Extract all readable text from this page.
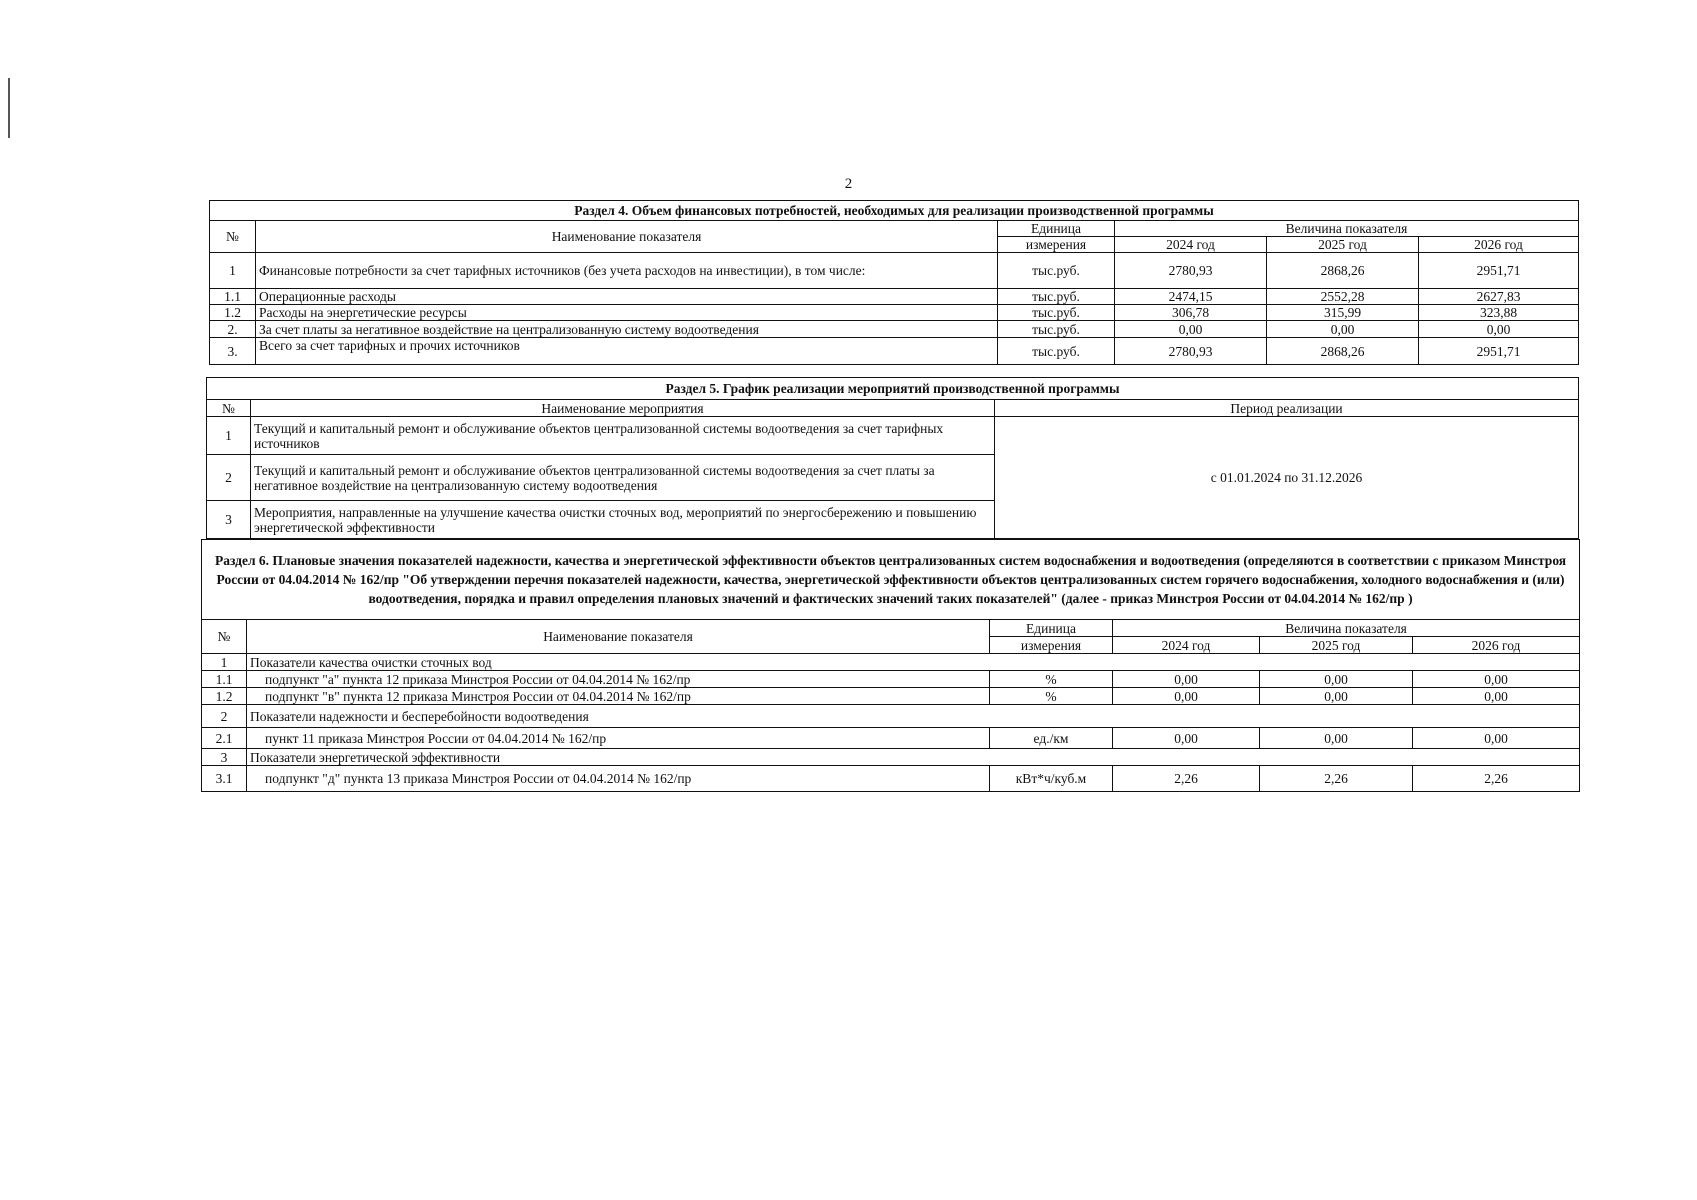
2
Раздел 4. Объем финансовых потребностей, необходимых для реализации производственной программы					
№	Наименование показателя	Единица	Величина показателя		
		измерения	2024 год	2025 год	2026 год
1	Финансовые потребности за счет тарифных источников (без учета расходов на инвестиции), в том числе:	тыс.руб.	2780,93	2868,26	2951,71
1.1	Операционные расходы	тыс.руб.	2474,15	2552,28	2627,83
1.2	Расходы на энергетические ресурсы	тыс.руб.	306,78	315,99	323,88
2.	За счет платы за негативное воздействие на централизованную систему водоотведения	тыс.руб.	0,00	0,00	0,00
3.	Всего за счет тарифных и прочих источников	тыс.руб.	2780,93	2868,26	2951,71
Раздел 5. График реализации мероприятий производственной программы		
№	Наименование мероприятия	Период реализации
1	Текущий и капитальный ремонт и обслуживание объектов централизованной системы водоотведения за счет тарифных источников	с 01.01.2024 по 31.12.2026
2	Текущий и капитальный ремонт и обслуживание объектов централизованной системы водоотведения за счет платы за негативное воздействие на централизованную систему водоотведения	
3	Мероприятия, направленные на улучшение качества очистки сточных вод, мероприятий по энергосбережению и повышению энергетической эффективности	
Раздел 6. Плановые значения показателей надежности, качества и энергетической эффективности объектов централизованных систем водоснабжения и водоотведения (определяются в соответствии с приказом Минстроя России от 04.04.2014 № 162/пр "Об утверждении перечня показателей надежности, качества, энергетической эффективности объектов централизованных систем горячего водоснабжения, холодного водоснабжения и (или) водоотведения, порядка и правил определения плановых значений и фактических значений таких показателей" (далее - приказ Минстроя России от 04.04.2014 № 162/пр )					
№	Наименование показателя	Единица	Величина показателя		
		измерения	2024 год	2025 год	2026 год
1	Показатели качества очистки сточных вод				
1.1	подпункт "а" пункта 12 приказа Минстроя России от 04.04.2014 № 162/пр	%	0,00	0,00	0,00
1.2	подпункт "в" пункта 12 приказа Минстроя России от 04.04.2014 № 162/пр	%	0,00	0,00	0,00
2	Показатели надежности и бесперебойности водоотведения				
2.1	пункт 11 приказа Минстроя России от 04.04.2014 № 162/пр	ед./км	0,00	0,00	0,00
3	Показатели энергетической эффективности				
3.1	подпункт "д" пункта 13 приказа Минстроя России от 04.04.2014 № 162/пр	кВт*ч/куб.м	2,26	2,26	2,26
